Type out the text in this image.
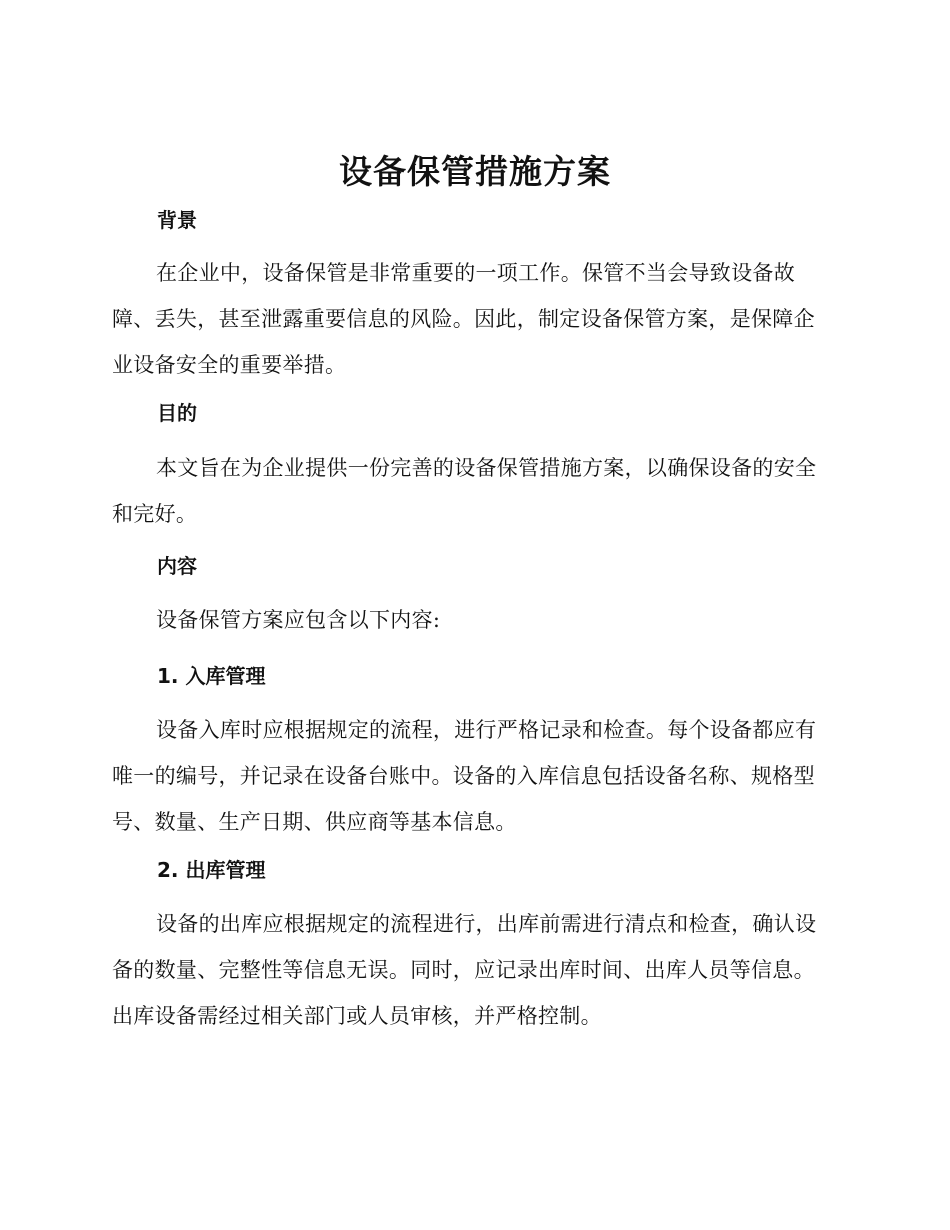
设备保管措施方案
背景

在企业中，设备保管是非常重要的一项工作。保管不当会导致设备故障、丢失，甚至泄露重要信息的风险。因此，制定设备保管方案，是保障企业设备安全的重要举措。

目的

本文旨在为企业提供一份完善的设备保管措施方案，以确保设备的安全和完好。

内容

设备保管方案应包含以下内容:

1. 入库管理

设备入库时应根据规定的流程，进行严格记录和检查。每个设备都应有唯一的编号，并记录在设备台账中。设备的入库信息包括设备名称、规格型号、数量、生产日期、供应商等基本信息。

2. 出库管理

设备的出库应根据规定的流程进行，出库前需进行清点和检查，确认设备的数量、完整性等信息无误。同时，应记录出库时间、出库人员等信息。出库设备需经过相关部门或人员审核，并严格控制。
